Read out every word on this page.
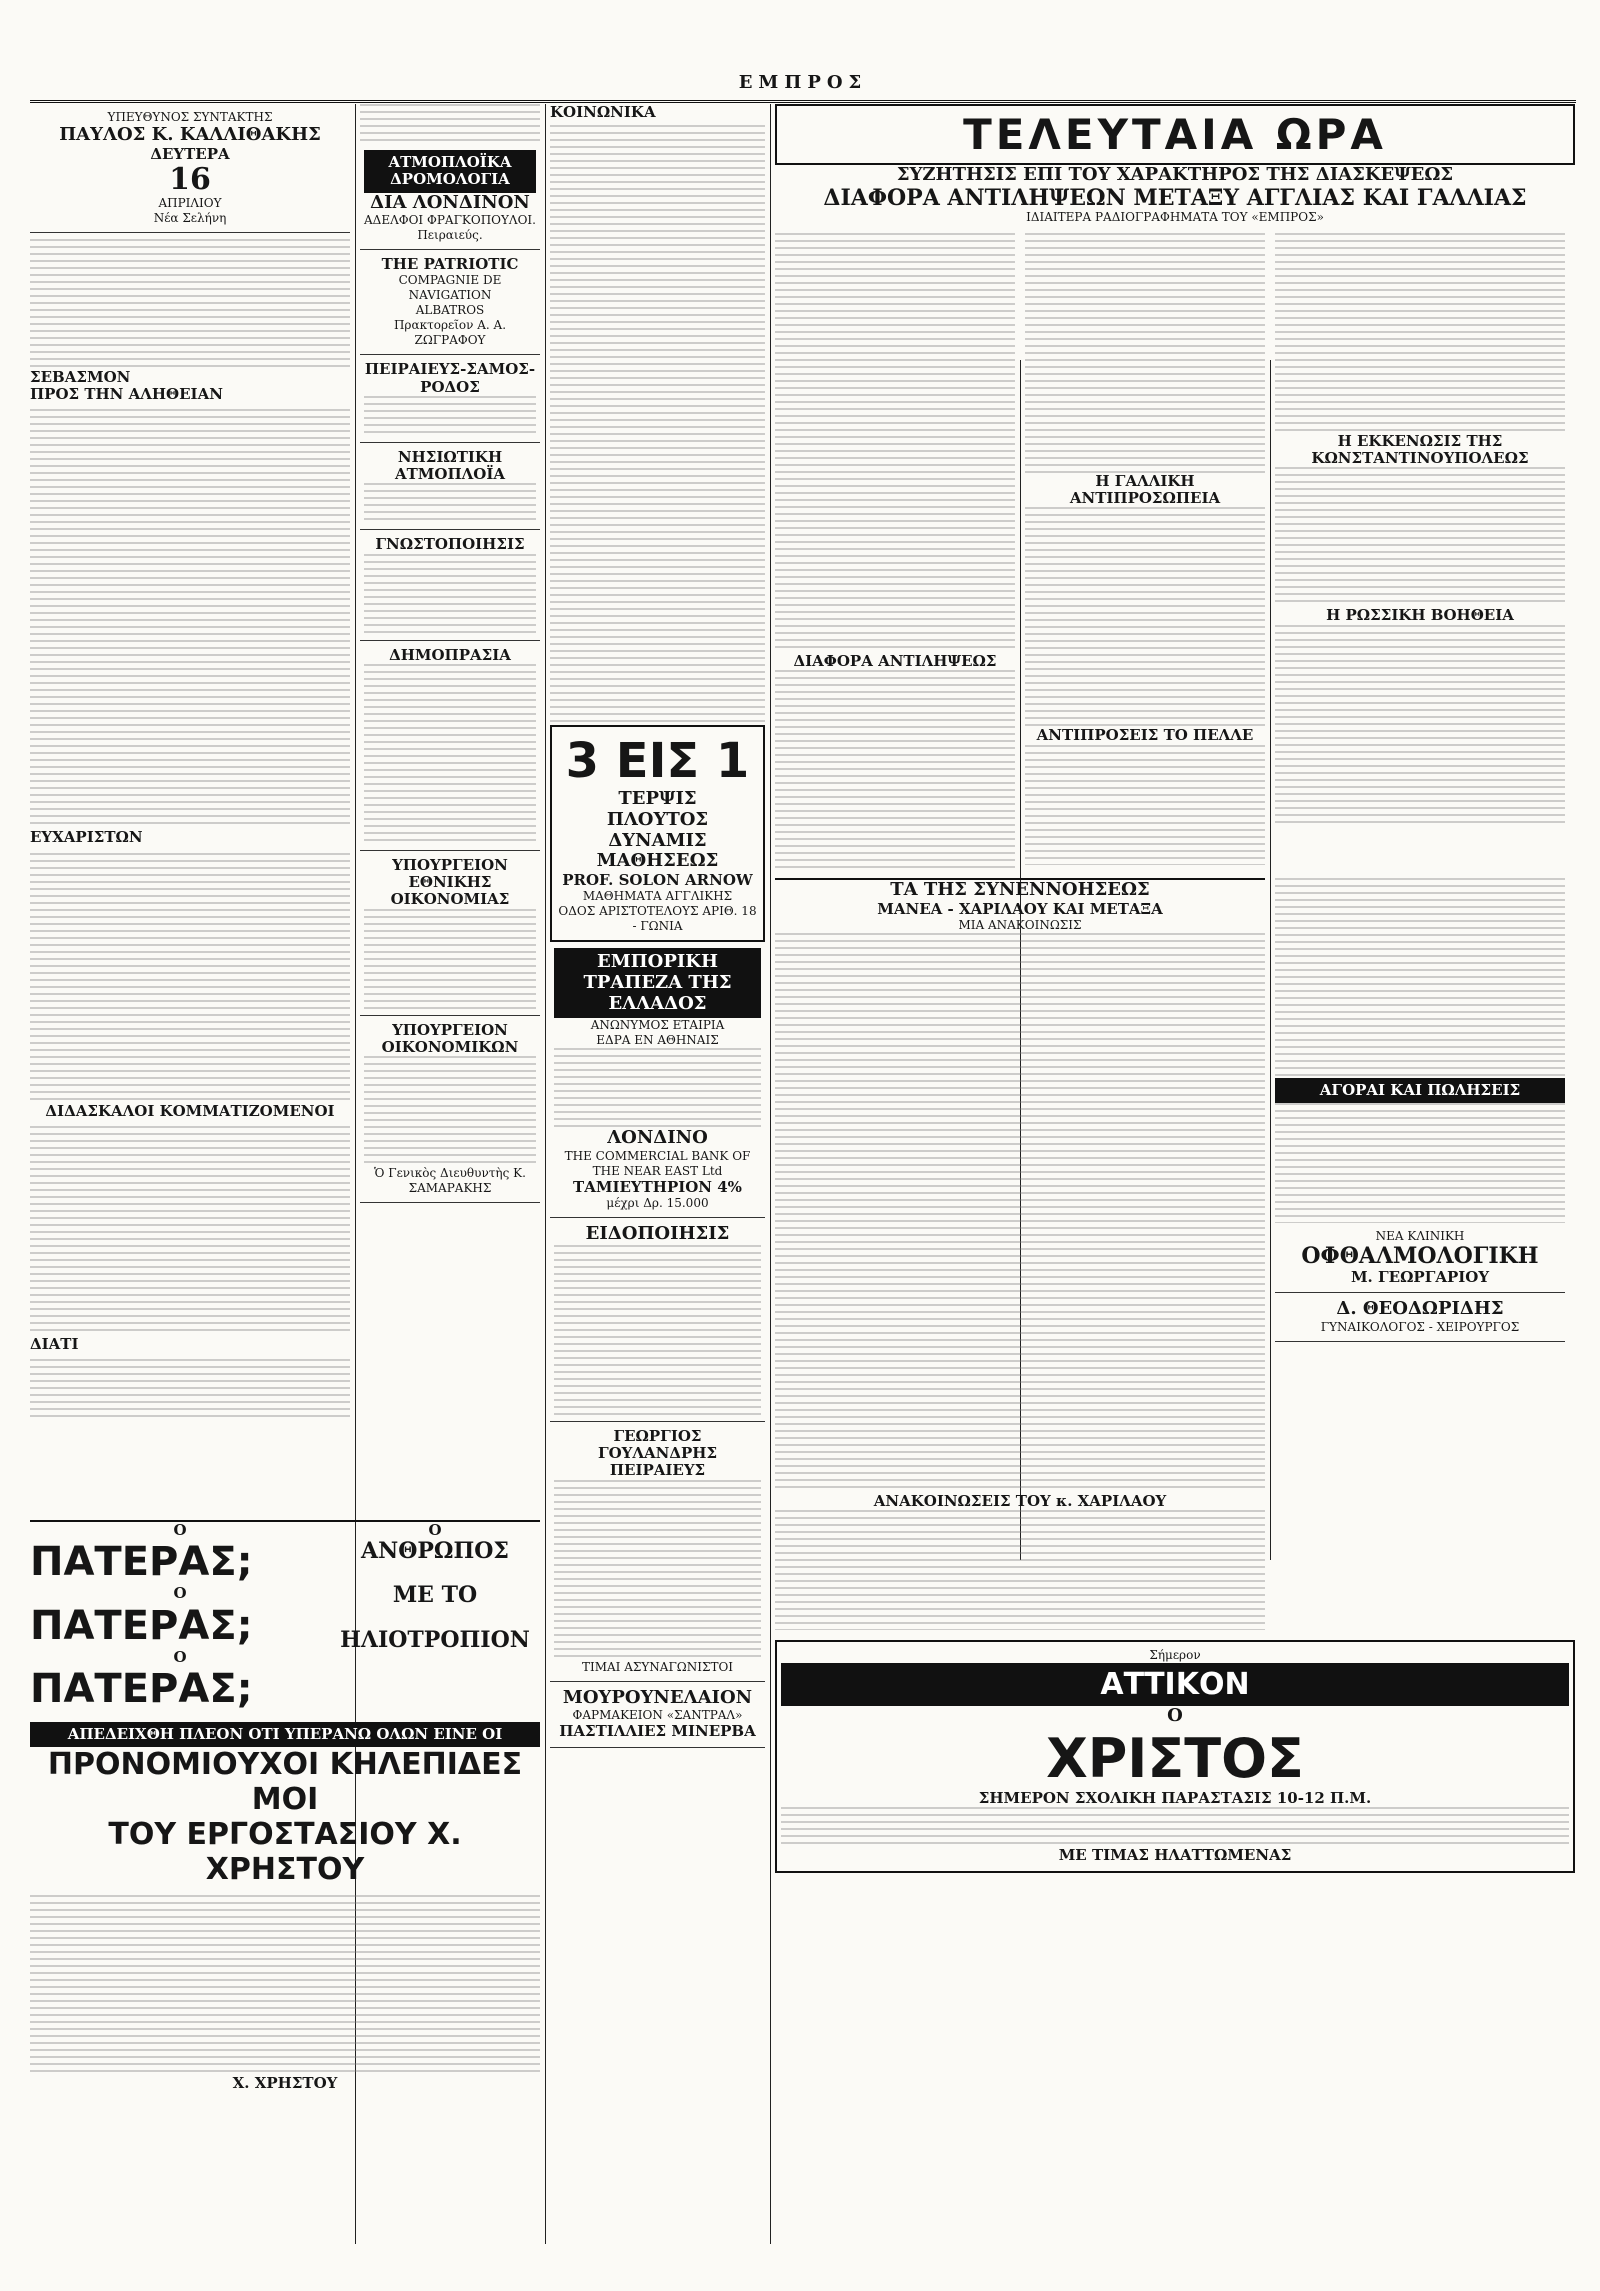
ΕΜΠΡΟΣ
ΥΠΕΥΘΥΝΟΣ ΣΥΝΤΑΚΤΗΣ
ΠΑΥΛΟΣ Κ. ΚΑΛΛΙΘΑΚΗΣ
ΔΕΥΤΕΡΑ
16
ΑΠΡΙΛΙΟΥ
Νέα Σελήνη
ΣΕΒΑΣΜΟΝ
ΠΡΟΣ ΤΗΝ ΑΛΗΘΕΙΑΝ
ΕΥΧΑΡΙΣΤΩΝ
ΔΙΔΑΣΚΑΛΟΙ ΚΟΜΜΑΤΙΖΟΜΕΝΟΙ
ΔΙΑΤΙ
ΑΤΜΟΠΛΟΪΚΑ ΔΡΟΜΟΛΟΓΙΑ
ΔΙΑ ΛΟΝΔΙΝΟΝ
ΑΔΕΛΦΟΙ ΦΡΑΓΚΟΠΟΥΛΟΙ. Πειραιεύς.
THE PATRIOTIC
COMPAGNIE DE NAVIGATION
ALBATROS
Πρακτορεῖον Α. Α. ΖΩΓΡΑΦΟΥ
ΠΕΙΡΑΙΕΥΣ-ΣΑΜΟΣ-ΡΟΔΟΣ
ΝΗΣΙΩΤΙΚΗ ΑΤΜΟΠΛΟΪΑ
ΓΝΩΣΤΟΠΟΙΗΣΙΣ
ΔΗΜΟΠΡΑΣΙΑ
ΥΠΟΥΡΓΕΙΟΝ ΕΘΝΙΚΗΣ ΟΙΚΟΝΟΜΙΑΣ
ΥΠΟΥΡΓΕΙΟΝ ΟΙΚΟΝΟΜΙΚΩΝ
Ὁ Γενικὸς Διευθυντὴς Κ. ΣΑΜΑΡΑΚΗΣ
ΚΟΙΝΩΝΙΚΑ
3 ΕΙΣ 1
ΤΕΡΨΙΣ
ΠΛΟΥΤΟΣ
ΔΥΝΑΜΙΣ
ΜΑΘΗΣΕΩΣ
PROF. SOLON ARNOW
ΜΑΘΗΜΑΤΑ ΑΓΓΛΙΚΗΣ
ΟΔΟΣ ΑΡΙΣΤΟΤΕΛΟΥΣ ΑΡΙΘ. 18 - ΓΩΝΙΑ
ΕΜΠΟΡΙΚΗ ΤΡΑΠΕΖΑ ΤΗΣ ΕΛΛΑΔΟΣ
ΑΝΩΝΥΜΟΣ ΕΤΑΙΡΙΑ
ΕΔΡΑ ΕΝ ΑΘΗΝΑΙΣ
ΛΟΝΔΙΝΟ
THE COMMERCIAL BANK OF THE NEAR EAST Ltd
ΤΑΜΙΕΥΤΗΡΙΟΝ 4%
μέχρι Δρ. 15.000
ΕΙΔΟΠΟΙΗΣΙΣ
ΓΕΩΡΓΙΟΣ ΓΟΥΛΑΝΔΡΗΣ ΠΕΙΡΑΙΕΥΣ
ΤΙΜΑΙ ΑΣΥΝΑΓΩΝΙΣΤΟΙ
ΜΟΥΡΟΥΝΕΛΑΙΟΝ
ΦΑΡΜΑΚΕΙΟΝ «ΣΑΝΤΡΑΛ»
ΠΑΣΤΙΛΛΙΕΣ ΜΙΝΕΡΒΑ
ΤΕΛΕΥΤΑΙΑ ΩΡΑ
ΣΥΖΗΤΗΣΙΣ ΕΠΙ ΤΟΥ ΧΑΡΑΚΤΗΡΟΣ ΤΗΣ ΔΙΑΣΚΕΨΕΩΣ
ΔΙΑΦΟΡΑ ΑΝΤΙΛΗΨΕΩΝ ΜΕΤΑΞΥ ΑΓΓΛΙΑΣ ΚΑΙ ΓΑΛΛΙΑΣ
ΙΔΙΑΙΤΕΡΑ ΡΑΔΙΟΓΡΑΦΗΜΑΤΑ ΤΟΥ «ΕΜΠΡΟΣ»
ΔΙΑΦΟΡΑ ΑΝΤΙΛΗΨΕΩΣ
Η ΓΑΛΛΙΚΗ ΑΝΤΙΠΡΟΣΩΠΕΙΑ
ΑΝΤΙΠΡΟΣΕΙΣ ΤΟ ΠΕΛΛΕ
Η ΕΚΚΕΝΩΣΙΣ ΤΗΣ ΚΩΝΣΤΑΝΤΙΝΟΥΠΟΛΕΩΣ
Η ΡΩΣΣΙΚΗ ΒΟΗΘΕΙΑ
ΤΑ ΤΗΣ ΣΥΝΕΝΝΟΗΣΕΩΣ
ΜΑΝΕΑ - ΧΑΡΙΛΑΟΥ ΚΑΙ ΜΕΤΑΞΑ
ΜΙΑ ΑΝΑΚΟΙΝΩΣΙΣ
ΑΝΑΚΟΙΝΩΣΕΙΣ ΤΟΥ κ. ΧΑΡΙΛΑΟΥ
ΑΓΟΡΑΙ ΚΑΙ ΠΩΛΗΣΕΙΣ
ΝΕΑ ΚΛΙΝΙΚΗ
ΟΦΘΑΛΜΟΛΟΓΙΚΗ
Μ. ΓΕΩΡΓΑΡΙΟΥ
Δ. ΘΕΟΔΩΡΙΔΗΣ
ΓΥΝΑΙΚΟΛΟΓΟΣ - ΧΕΙΡΟΥΡΓΟΣ
Σήμερον
ΑΤΤΙΚΟΝ
Ο
ΧΡΙΣΤΟΣ
ΣΗΜΕΡΟΝ ΣΧΟΛΙΚΗ ΠΑΡΑΣΤΑΣΙΣ 10-12 Π.Μ.
ΜΕ ΤΙΜΑΣ ΗΛΑΤΤΩΜΕΝΑΣ
Ο
ΠΑΤΕΡΑΣ;
Ο
ΠΑΤΕΡΑΣ;
Ο
ΠΑΤΕΡΑΣ;
Ο
ΑΝΘΡΩΠΟΣ
ΜΕ ΤΟ
ΗΛΙΟΤΡΟΠΙΟΝ
ΑΠΕΔΕΙΧΘΗ ΠΛΕΟΝ ΟΤΙ ΥΠΕΡΑΝΩ ΟΛΩΝ ΕΙΝΕ ΟΙ
ΠΡΟΝΟΜΙΟΥΧΟΙ ΚΗΛΕΠΙΔΕΣ ΜΟΙ
ΤΟΥ ΕΡΓΟΣΤΑΣΙΟΥ Χ. ΧΡΗΣΤΟΥ
Χ. ΧΡΗΣΤΟΥ
